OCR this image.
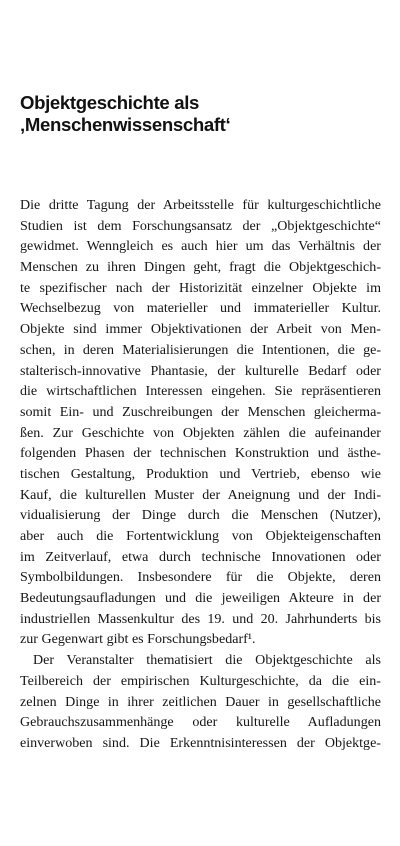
Objektgeschichte als
‚Menschenwissenschaft‘
Die dritte Tagung der Arbeitsstelle für kulturgeschichtliche
Studien ist dem Forschungsansatz der „Objektgeschichte“
gewidmet. Wenngleich es auch hier um das Verhältnis der
Menschen zu ihren Dingen geht, fragt die Objektgeschich-
te spezifischer nach der Historizität einzelner Objekte im
Wechselbezug von materieller und immaterieller Kultur.
Objekte sind immer Objektivationen der Arbeit von Men-
schen, in deren Materialisierungen die Intentionen, die ge-
stalterisch-innovative Phantasie, der kulturelle Bedarf oder
die wirtschaftlichen Interessen eingehen. Sie repräsentieren
somit Ein- und Zuschreibungen der Menschen gleicherma-
ßen. Zur Geschichte von Objekten zählen die aufeinander
folgenden Phasen der technischen Konstruktion und ästhe-
tischen Gestaltung, Produktion und Vertrieb, ebenso wie
Kauf, die kulturellen Muster der Aneignung und der Indi-
vidualisierung der Dinge durch die Menschen (Nutzer),
aber auch die Fortentwicklung von Objekteigenschaften
im Zeitverlauf, etwa durch technische Innovationen oder
Symbolbildungen. Insbesondere für die Objekte, deren
Bedeutungsaufladungen und die jeweiligen Akteure in der
industriellen Massenkultur des 19. und 20. Jahrhunderts bis
zur Gegenwart gibt es Forschungsbedarf¹.
Der Veranstalter thematisiert die Objektgeschichte als
Teilbereich der empirischen Kulturgeschichte, da die ein-
zelnen Dinge in ihrer zeitlichen Dauer in gesellschaftliche
Gebrauchszusammenhänge oder kulturelle Aufladungen
einverwoben sind. Die Erkenntnisinteressen der Objektge-
